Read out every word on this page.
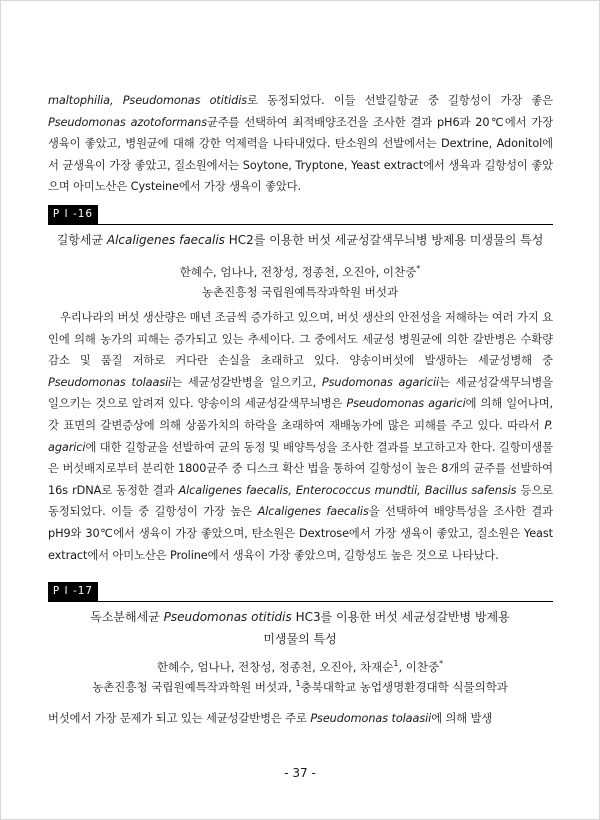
maltophilia, Pseudomonas otitidis로 동정되었다. 이들 선발길항균 중 길항성이 가장 좋은 Pseudomonas azotoformans균주를 선택하여 최적배양조건을 조사한 결과 pH6과 20℃에서 가장 생육이 좋았고, 병원균에 대해 강한 억제력을 나타내었다. 탄소원의 선발에서는 Dextrine, Adonitol에서 균생육이 가장 좋았고, 질소원에서는 Soytone, Tryptone, Yeast extract에서 생육과 길항성이 좋았으며 아미노산은 Cysteine에서 가장 생육이 좋았다.

P I -16

길항세균 Alcaligenes faecalis HC2를 이용한 버섯 세균성갈색무늬병 방제용 미생물의 특성

한혜수, 엄나나, 전창성, 정종천, 오진아, 이찬중*

농촌진흥청 국립원예특작과학원 버섯과

우리나라의 버섯 생산량은 매년 조금씩 증가하고 있으며, 버섯 생산의 안전성을 저해하는 여러 가지 요인에 의해 농가의 피해는 증가되고 있는 추세이다. 그 중에서도 세균성 병원균에 의한 갈반병은 수확량 감소 및 품질 저하로 커다란 손실을 초래하고 있다. 양송이버섯에 발생하는 세균성병해 중 Pseudomonas tolaasii는 세균성갈반병을 일으키고, Psudomonas agaricii는 세균성갈색무늬병을 일으키는 것으로 알려져 있다. 양송이의 세균성갈색무늬병은 Pseudomonas agarici에 의해 일어나며, 갓 표면의 갈변증상에 의해 상품가치의 하락을 초래하여 재배농가에 많은 피해를 주고 있다. 따라서 P. agarici에 대한 길항균을 선발하여 균의 동정 및 배양특성을 조사한 결과를 보고하고자 한다. 길항미생물은 버섯배지로부터 분리한 1800균주 중 디스크 확산 법을 통하여 길항성이 높은 8개의 균주를 선발하여 16s rDNA로 동정한 결과 Alcaligenes faecalis, Enterococcus mundtii, Bacillus safensis 등으로 동정되었다. 이들 중 길항성이 가장 높은 Alcaligenes faecalis을 선택하여 배양특성을 조사한 결과 pH9와 30℃에서 생육이 가장 좋았으며, 탄소원은 Dextrose에서 가장 생육이 좋았고, 질소원은 Yeast extract에서 아미노산은 Proline에서 생육이 가장 좋았으며, 길항성도 높은 것으로 나타났다.

P I -17

독소분해세균 Pseudomonas otitidis HC3를 이용한 버섯 세균성갈반병 방제용
미생물의 특성

한혜수, 엄나나, 전창성, 정종천, 오진아, 차재순$^1$, 이찬중*

농촌진흥청 국립원예특작과학원 버섯과, $^1$충북대학교 농업생명환경대학 식물의학과

버섯에서 가장 문제가 되고 있는 세균성갈반병은 주로 Pseudomonas tolaasii에 의해 발생

- 37 -
